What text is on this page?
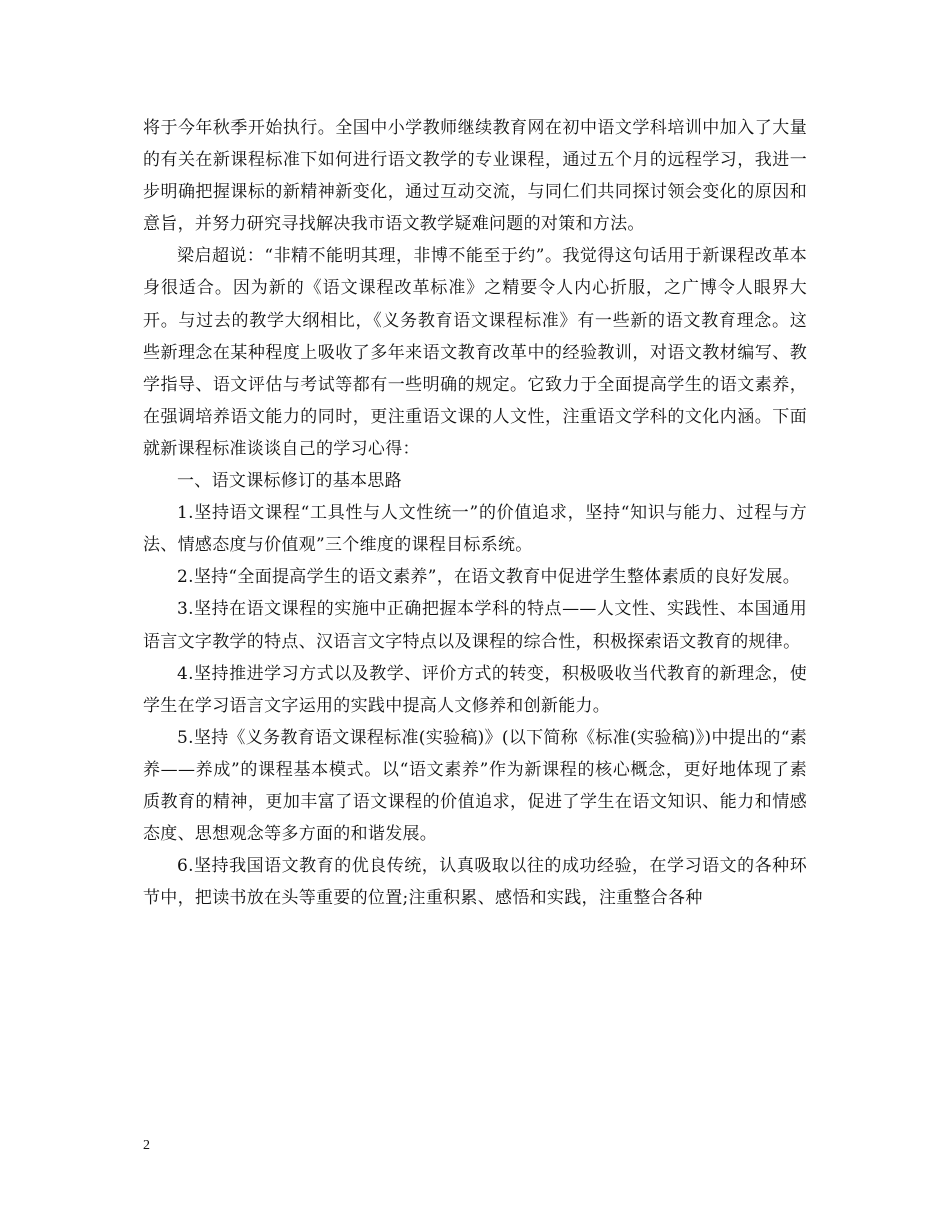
将于今年秋季开始执行。全国中小学教师继续教育网在初中语文学科培训中加入了大量的有关在新课程标准下如何进行语文教学的专业课程，通过五个月的远程学习，我进一步明确把握课标的新精神新变化，通过互动交流，与同仁们共同探讨领会变化的原因和意旨，并努力研究寻找解决我市语文教学疑难问题的对策和方法。

梁启超说：“非精不能明其理，非博不能至于约”。我觉得这句话用于新课程改革本身很适合。因为新的《语文课程改革标准》之精要令人内心折服，之广博令人眼界大开。与过去的教学大纲相比，《义务教育语文课程标准》有一些新的语文教育理念。这些新理念在某种程度上吸收了多年来语文教育改革中的经验教训，对语文教材编写、教学指导、语文评估与考试等都有一些明确的规定。它致力于全面提高学生的语文素养，在强调培养语文能力的同时，更注重语文课的人文性，注重语文学科的文化内涵。下面就新课程标准谈谈自己的学习心得：

一、语文课标修订的基本思路

1.坚持语文课程“工具性与人文性统一”的价值追求，坚持“知识与能力、过程与方法、情感态度与价值观”三个维度的课程目标系统。

2.坚持“全面提高学生的语文素养”，在语文教育中促进学生整体素质的良好发展。

3.坚持在语文课程的实施中正确把握本学科的特点——人文性、实践性、本国通用语言文字教学的特点、汉语言文字特点以及课程的综合性，积极探索语文教育的规律。

4.坚持推进学习方式以及教学、评价方式的转变，积极吸收当代教育的新理念，使学生在学习语言文字运用的实践中提高人文修养和创新能力。

5.坚持《义务教育语文课程标准(实验稿)》(以下简称《标准(实验稿)》)中提出的“素养——养成”的课程基本模式。以“语文素养”作为新课程的核心概念，更好地体现了素质教育的精神，更加丰富了语文课程的价值追求，促进了学生在语文知识、能力和情感态度、思想观念等多方面的和谐发展。

6.坚持我国语文教育的优良传统，认真吸取以往的成功经验，在学习语文的各种环节中，把读书放在头等重要的位置;注重积累、感悟和实践，注重整合各种

2
